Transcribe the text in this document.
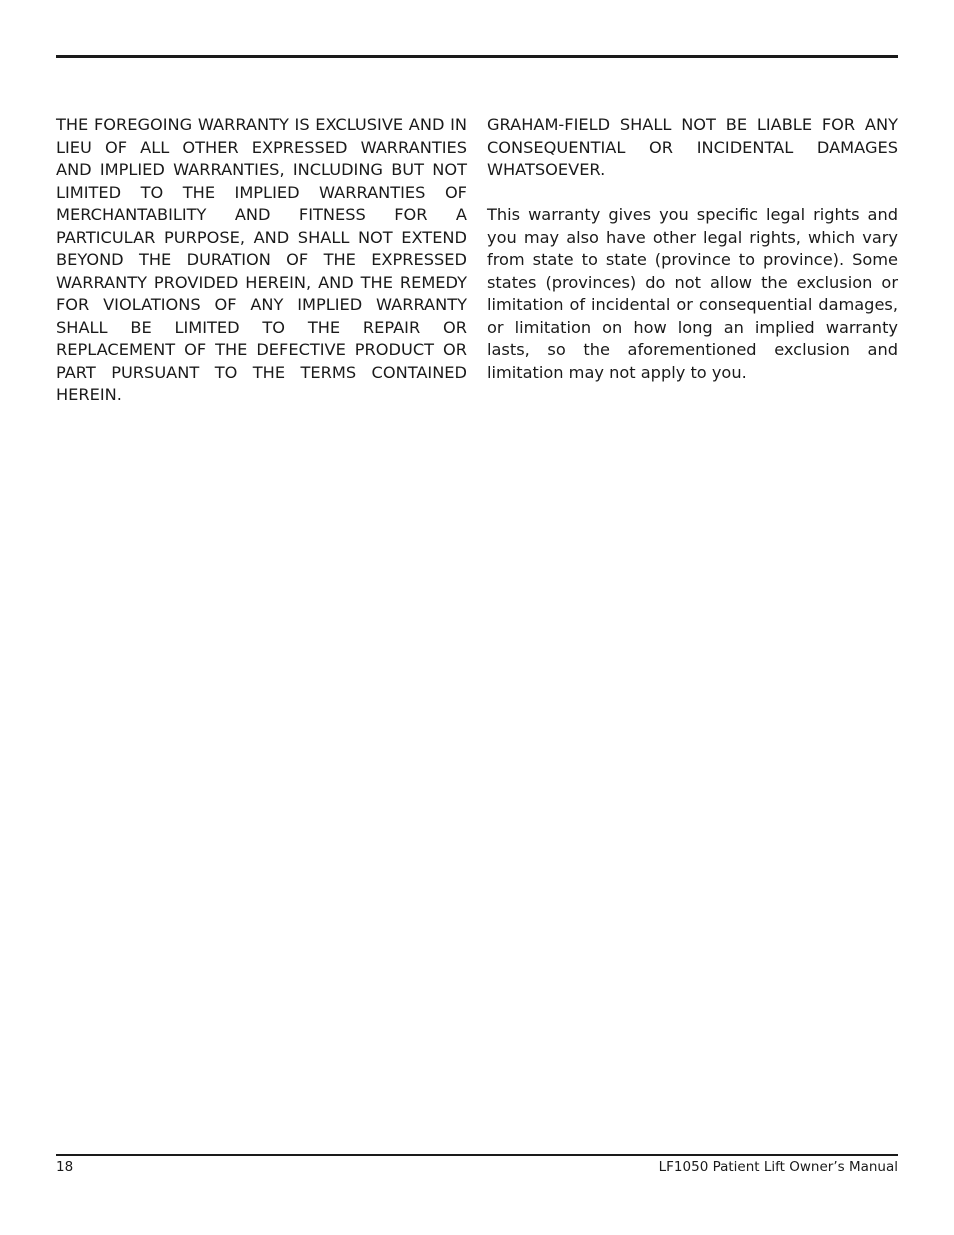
THE FOREGOING WARRANTY IS EXCLUSIVE AND IN LIEU OF ALL OTHER EXPRESSED WARRANTIES AND IMPLIED WARRANTIES, INCLUDING BUT NOT LIMITED TO THE IMPLIED WARRANTIES OF MERCHANTABILITY AND FITNESS FOR A PARTICULAR PURPOSE, AND SHALL NOT EXTEND BEYOND THE DURATION OF THE EXPRESSED WARRANTY PROVIDED HEREIN, AND THE REMEDY FOR VIOLATIONS OF ANY IMPLIED WARRANTY SHALL BE LIMITED TO THE REPAIR OR REPLACEMENT OF THE DEFECTIVE PRODUCT OR PART PURSUANT TO THE TERMS CONTAINED HEREIN.

GRAHAM-FIELD SHALL NOT BE LIABLE FOR ANY CONSEQUENTIAL OR INCIDENTAL DAMAGES WHATSOEVER.

This warranty gives you specific legal rights and you may also have other legal rights, which vary from state to state (province to province). Some states (provinces) do not allow the exclusion or limitation of incidental or consequential damages, or limitation on how long an implied warranty lasts, so the aforementioned exclusion and limitation may not apply to you.

18	LF1050 Patient Lift Owner’s Manual
